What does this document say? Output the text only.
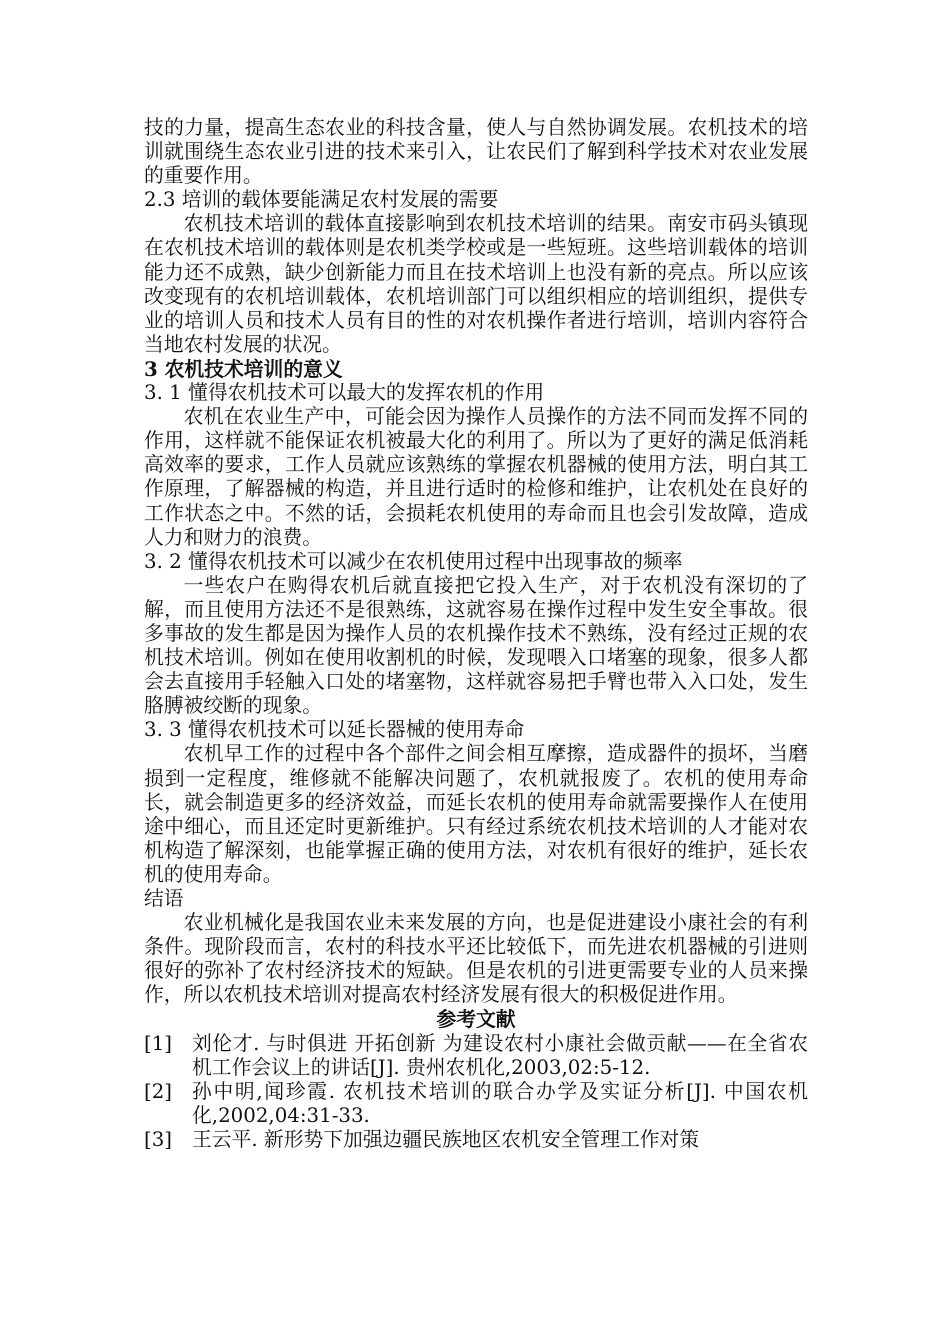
技的力量，提高生态农业的科技含量，使人与自然协调发展。农机技术的培训就围绕生态农业引进的技术来引入，让农民们了解到科学技术对农业发展的重要作用。

2.3 培训的载体要能满足农村发展的需要

农机技术培训的载体直接影响到农机技术培训的结果。南安市码头镇现在农机技术培训的载体则是农机类学校或是一些短班。这些培训载体的培训能力还不成熟，缺少创新能力而且在技术培训上也没有新的亮点。所以应该改变现有的农机培训载体，农机培训部门可以组织相应的培训组织，提供专业的培训人员和技术人员有目的性的对农机操作者进行培训，培训内容符合当地农村发展的状况。

3 农机技术培训的意义

3. 1 懂得农机技术可以最大的发挥农机的作用

农机在农业生产中，可能会因为操作人员操作的方法不同而发挥不同的作用，这样就不能保证农机被最大化的利用了。所以为了更好的满足低消耗高效率的要求，工作人员就应该熟练的掌握农机器械的使用方法，明白其工作原理，了解器械的构造，并且进行适时的检修和维护，让农机处在良好的工作状态之中。不然的话，会损耗农机使用的寿命而且也会引发故障，造成人力和财力的浪费。

3. 2 懂得农机技术可以减少在农机使用过程中出现事故的频率

一些农户在购得农机后就直接把它投入生产，对于农机没有深切的了解，而且使用方法还不是很熟练，这就容易在操作过程中发生安全事故。很多事故的发生都是因为操作人员的农机操作技术不熟练，没有经过正规的农机技术培训。例如在使用收割机的时候，发现喂入口堵塞的现象，很多人都会去直接用手轻触入口处的堵塞物，这样就容易把手臂也带入入口处，发生胳膊被绞断的现象。

3. 3 懂得农机技术可以延长器械的使用寿命

农机早工作的过程中各个部件之间会相互摩擦，造成器件的损坏，当磨损到一定程度，维修就不能解决问题了，农机就报废了。农机的使用寿命长，就会制造更多的经济效益，而延长农机的使用寿命就需要操作人在使用途中细心，而且还定时更新维护。只有经过系统农机技术培训的人才能对农机构造了解深刻，也能掌握正确的使用方法，对农机有很好的维护，延长农机的使用寿命。

结语

农业机械化是我国农业未来发展的方向，也是促进建设小康社会的有利条件。现阶段而言，农村的科技水平还比较低下，而先进农机器械的引进则很好的弥补了农村经济技术的短缺。但是农机的引进更需要专业的人员来操作，所以农机技术培训对提高农村经济发展有很大的积极促进作用。

参考文献

[1]	刘伦才. 与时俱进 开拓创新 为建设农村小康社会做贡献——在全省农机工作会议上的讲话[J]. 贵州农机化,2003,02:5-12.
[2]	孙中明,闻珍霞. 农机技术培训的联合办学及实证分析[J]. 中国农机化,2002,04:31-33.
[3]	王云平. 新形势下加强边疆民族地区农机安全管理工作对策
